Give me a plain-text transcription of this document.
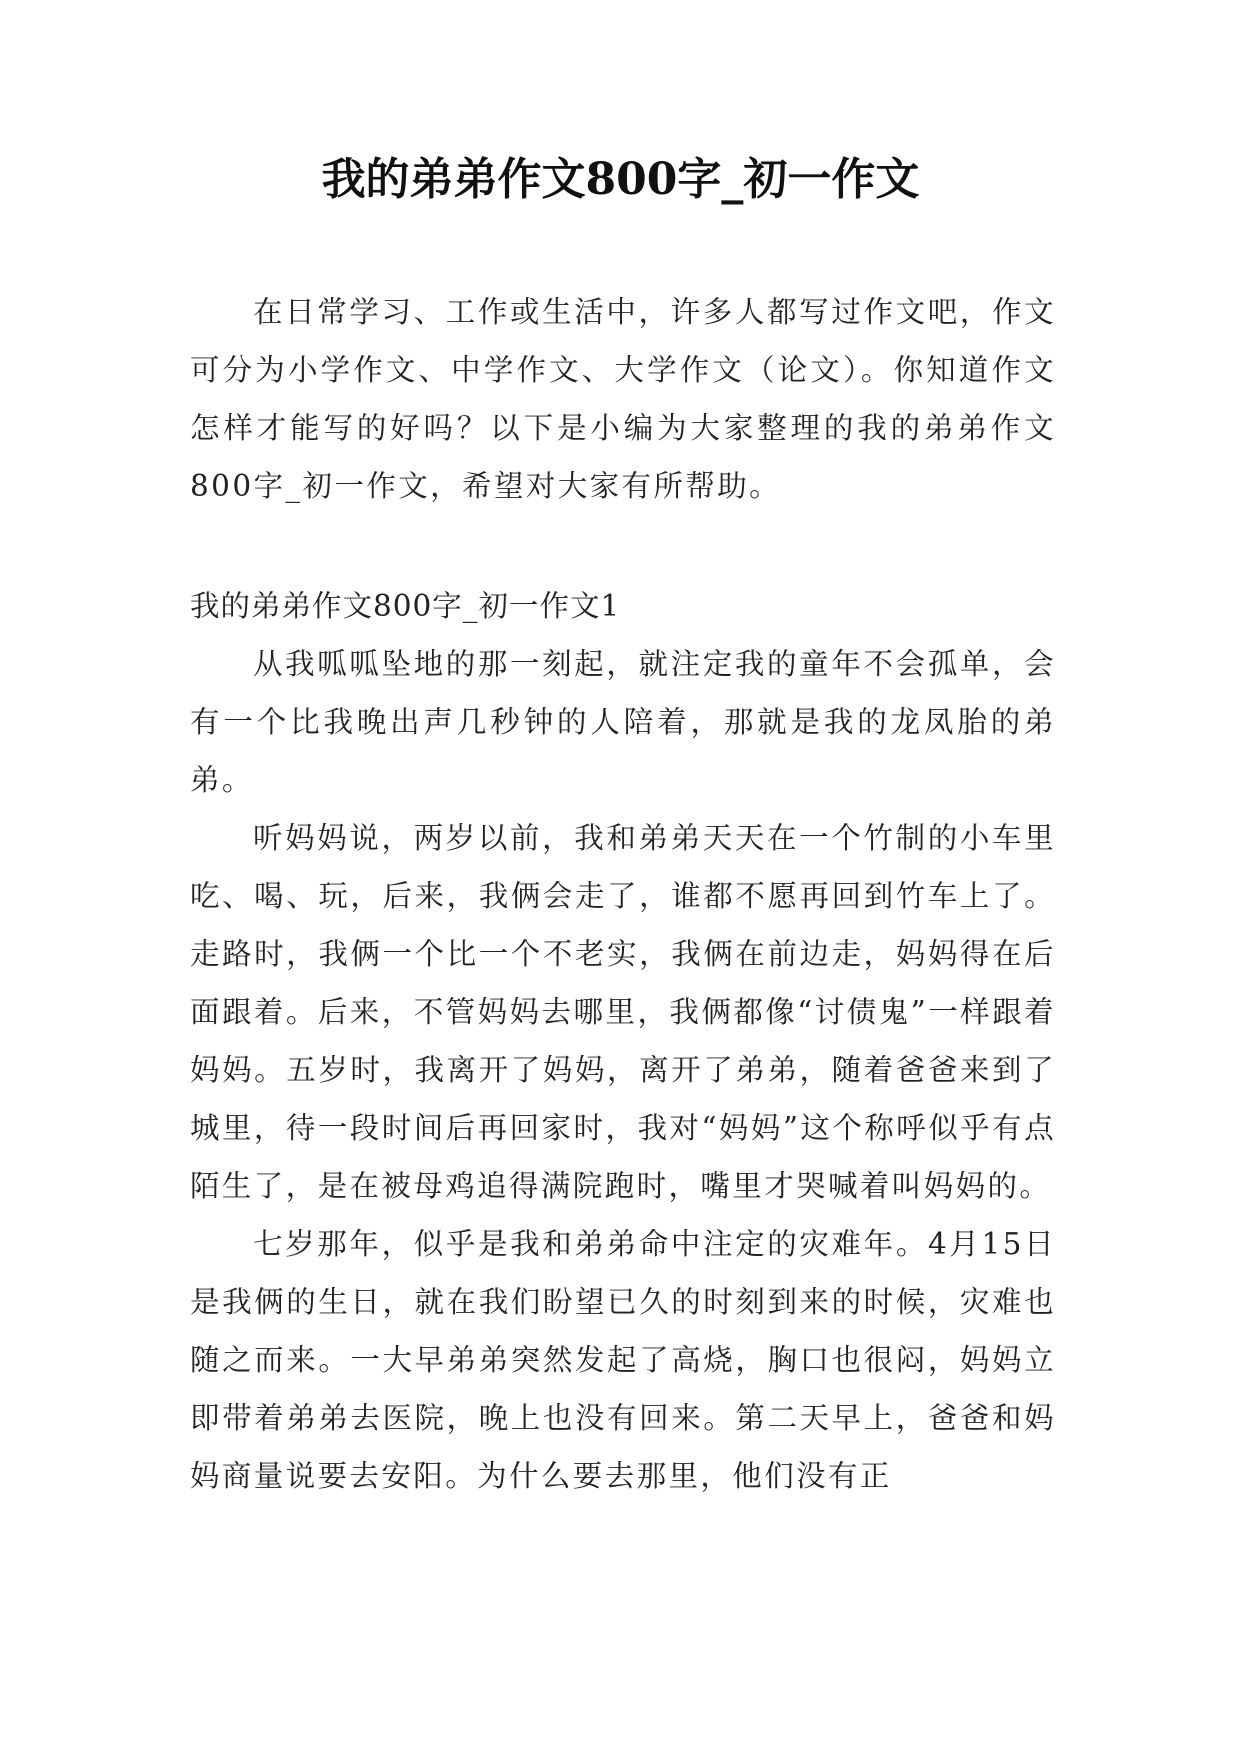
我的弟弟作文800字_初一作文

在日常学习、工作或生活中，许多人都写过作文吧，作文可分为小学作文、中学作文、大学作文（论文）。你知道作文怎样才能写的好吗？以下是小编为大家整理的我的弟弟作文800字_初一作文，希望对大家有所帮助。

我的弟弟作文800字_初一作文1

从我呱呱坠地的那一刻起，就注定我的童年不会孤单，会有一个比我晚出声几秒钟的人陪着，那就是我的龙凤胎的弟弟。

听妈妈说，两岁以前，我和弟弟天天在一个竹制的小车里吃、喝、玩，后来，我俩会走了，谁都不愿再回到竹车上了。走路时，我俩一个比一个不老实，我俩在前边走，妈妈得在后面跟着。后来，不管妈妈去哪里，我俩都像“讨债鬼”一样跟着妈妈。五岁时，我离开了妈妈，离开了弟弟，随着爸爸来到了城里，待一段时间后再回家时，我对“妈妈”这个称呼似乎有点陌生了，是在被母鸡追得满院跑时，嘴里才哭喊着叫妈妈的。

七岁那年，似乎是我和弟弟命中注定的灾难年。4月15日是我俩的生日，就在我们盼望已久的时刻到来的时候，灾难也随之而来。一大早弟弟突然发起了高烧，胸口也很闷，妈妈立即带着弟弟去医院，晚上也没有回来。第二天早上，爸爸和妈妈商量说要去安阳。为什么要去那里，他们没有正
